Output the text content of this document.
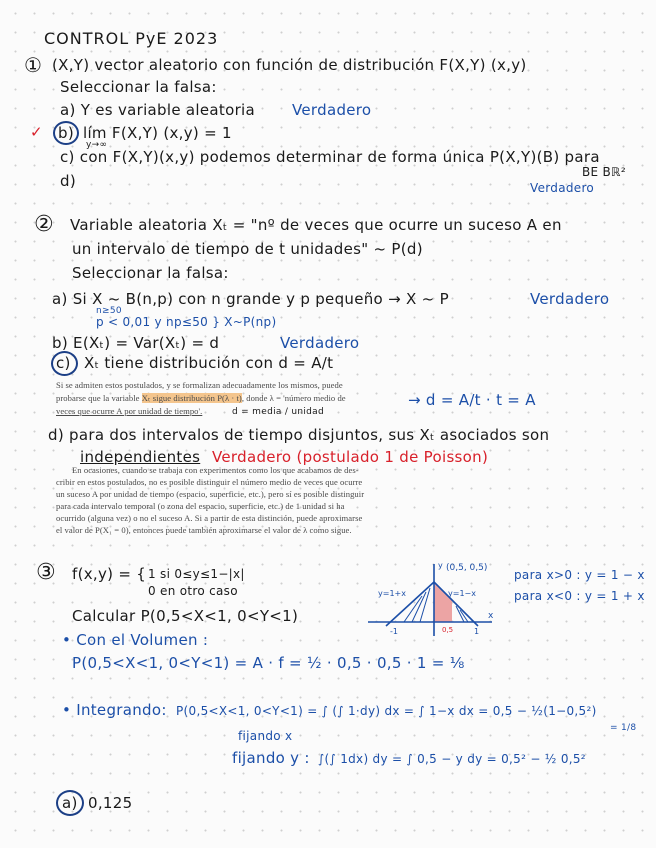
CONTROL PyE 2023
① (X,Y) vector aleatorio con función de distribución F(X,Y) (x,y)
Seleccionar la falsa:
a) Y es variable aleatoria Verdadero
✓ b) lím F(X,Y) (x,y) = 1
y→∞
c) con F(X,Y)(x,y) podemos determinar de forma única P(X,Y)(B) para
BE Bℝ²
d)	Verdadero
② Variable aleatoria Xₜ = "nº de veces que ocurre un suceso A en
un intervalo de tiempo de t unidades" ~ P(d)
Seleccionar la falsa:
a) Si X ~ B(n,p) con n grande y p pequeño → X ~ P	Verdadero
n≥50
p < 0,01 y np≤50 } X~P(np)
b) E(Xₜ) = Var(Xₜ) = d	Verdadero
c) Xₜ tiene distribución con d = A/t
Si se admiten estos postulados, y se formalizan adecuadamente los mismos, puede
probarse que la variable Xₜ sigue distribución P(λ · t), donde λ = 'número medio de
veces que ocurre A por unidad de tiempo'.	d = media / unidad
→ d = A/t · t = A
d) para dos intervalos de tiempo disjuntos, sus Xₜ asociados son
independientes Verdadero (postulado 1 de Poisson)
En ocasiones, cuando se trabaja con experimentos como los que acabamos de des-
cribir en estos postulados, no es posible distinguir el número medio de veces que ocurre
un suceso A por unidad de tiempo (espacio, superficie, etc.), pero sí es posible distinguir
para cada intervalo temporal (o zona del espacio, superficie, etc.) de 1 unidad si ha
ocurrido (alguna vez) o no el suceso A. Si a partir de esta distinción, puede aproximarse
el valor de P(X₁ = 0), entonces puede también aproximarse el valor de λ como sigue.
③ f(x,y) = { 1 si 0≤y≤1−|x|
0 en otro caso
Calcular P(0,5<X<1, 0<Y<1)
(0,5, 0,5)
y=1+x	y=1−x
y
x
-1	1
0,5
para x>0 : y = 1 − x
para x<0 : y = 1 + x
• Con el Volumen :
P(0,5<X<1, 0<Y<1) = A · f = ½ · 0,5 · 0,5 · 1 = ⅛
• Integrando: P(0,5<X<1, 0<Y<1) = ∫ (∫ 1·dy) dx = ∫ 1−x dx = 0,5 − ½(1−0,5²)
= 1/8
fijando x
fijando y : ∫(∫ 1dx) dy = ∫ 0,5 − y dy = 0,5² − ½ 0,5²
a) 0,125
